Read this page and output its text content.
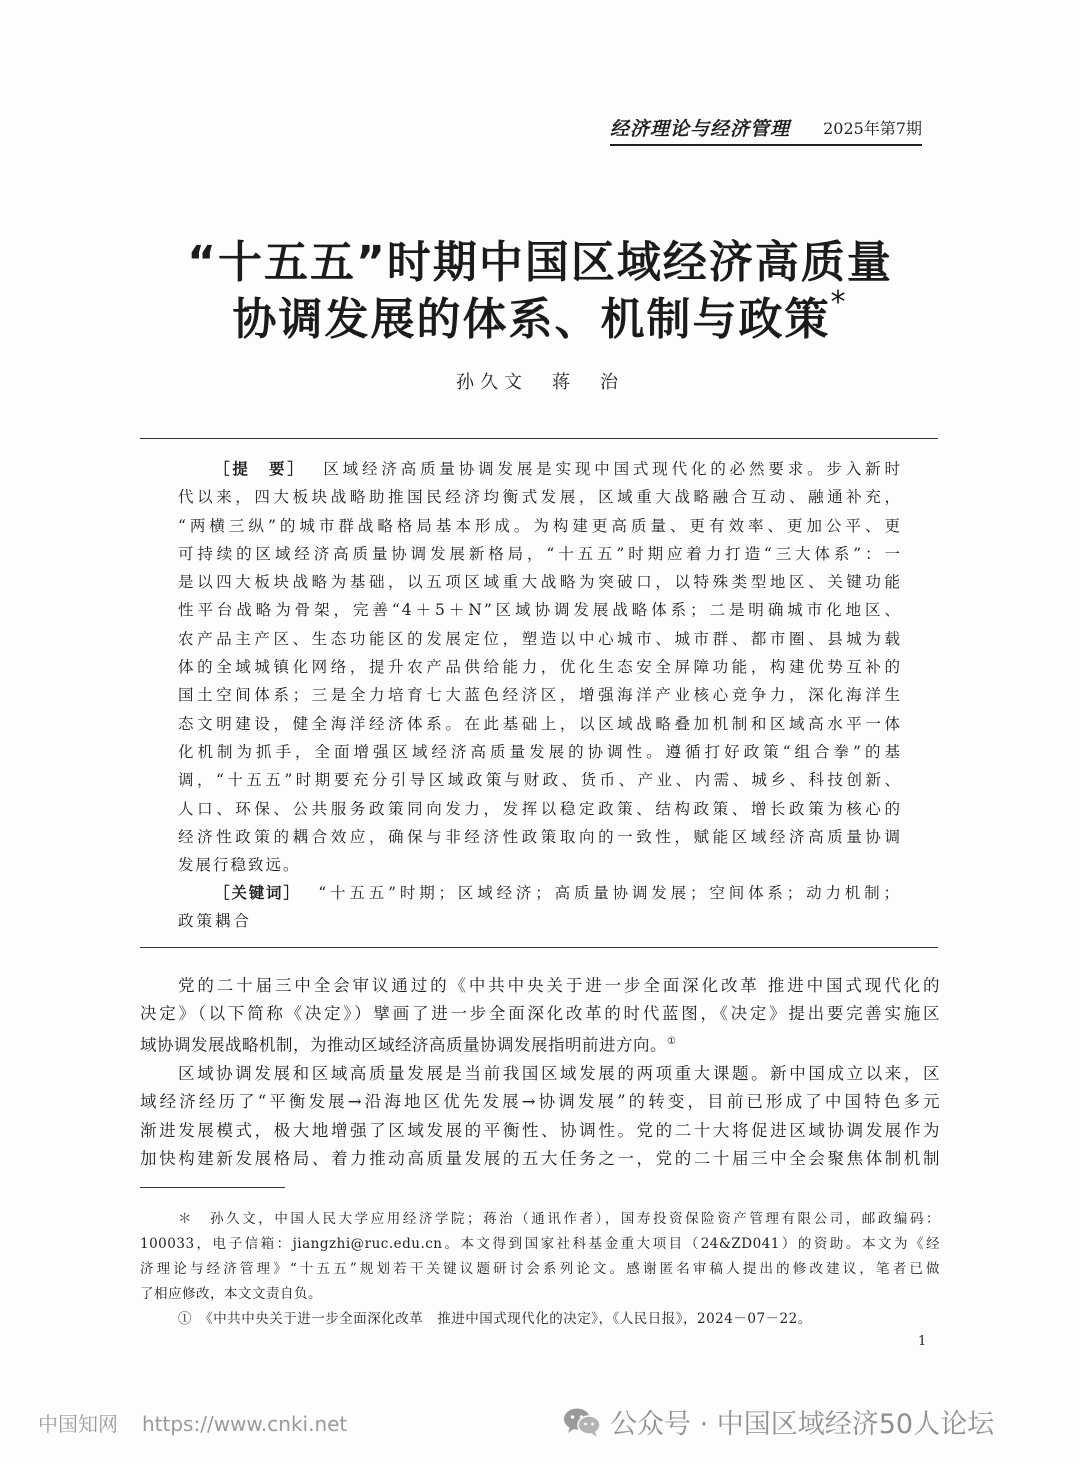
经济理论与经济管理 2025年第7期
“十五五”时期中国区域经济高质量
协调发展的体系、机制与政策*
孙久文　蒋　治
［提　要］ 区域经济高质量协调发展是实现中国式现代化的必然要求。步入新时
代以来，四大板块战略助推国民经济均衡式发展，区域重大战略融合互动、融通补充，
“两横三纵”的城市群战略格局基本形成。为构建更高质量、更有效率、更加公平、更
可持续的区域经济高质量协调发展新格局，“十五五”时期应着力打造“三大体系”：一
是以四大板块战略为基础，以五项区域重大战略为突破口，以特殊类型地区、关键功能
性平台战略为骨架，完善“4＋5＋N”区域协调发展战略体系；二是明确城市化地区、
农产品主产区、生态功能区的发展定位，塑造以中心城市、城市群、都市圈、县城为载
体的全域城镇化网络，提升农产品供给能力，优化生态安全屏障功能，构建优势互补的
国土空间体系；三是全力培育七大蓝色经济区，增强海洋产业核心竞争力，深化海洋生
态文明建设，健全海洋经济体系。在此基础上，以区域战略叠加机制和区域高水平一体
化机制为抓手，全面增强区域经济高质量发展的协调性。遵循打好政策“组合拳”的基
调，“十五五”时期要充分引导区域政策与财政、货币、产业、内需、城乡、科技创新、
人口、环保、公共服务政策同向发力，发挥以稳定政策、结构政策、增长政策为核心的
经济性政策的耦合效应，确保与非经济性政策取向的一致性，赋能区域经济高质量协调
发展行稳致远。
［关键词］ “十五五”时期；区域经济；高质量协调发展；空间体系；动力机制；
政策耦合
党的二十届三中全会审议通过的《中共中央关于进一步全面深化改革 推进中国式现代化的
决定》（以下简称《决定》）擘画了进一步全面深化改革的时代蓝图，《决定》提出要完善实施区
域协调发展战略机制，为推动区域经济高质量协调发展指明前进方向。①
区域协调发展和区域高质量发展是当前我国区域发展的两项重大课题。新中国成立以来，区
域经济经历了“平衡发展→沿海地区优先发展→协调发展”的转变，目前已形成了中国特色多元
渐进发展模式，极大地增强了区域发展的平衡性、协调性。党的二十大将促进区域协调发展作为
加快构建新发展格局、着力推动高质量发展的五大任务之一，党的二十届三中全会聚焦体制机制
＊　孙久文，中国人民大学应用经济学院；蒋治（通讯作者），国寿投资保险资产管理有限公司，邮政编码：
100033，电子信箱：jiangzhi@ruc.edu.cn。本文得到国家社科基金重大项目（24&ZD041）的资助。本文为《经
济理论与经济管理》“十五五”规划若干关键议题研讨会系列论文。感谢匿名审稿人提出的修改建议，笔者已做
了相应修改，本文文责自负。
①　《中共中央关于进一步全面深化改革　推进中国式现代化的决定》，《人民日报》，2024－07－22。
1
中国知网 https://www.cnki.net	公众号 · 中国区域经济50人论坛
